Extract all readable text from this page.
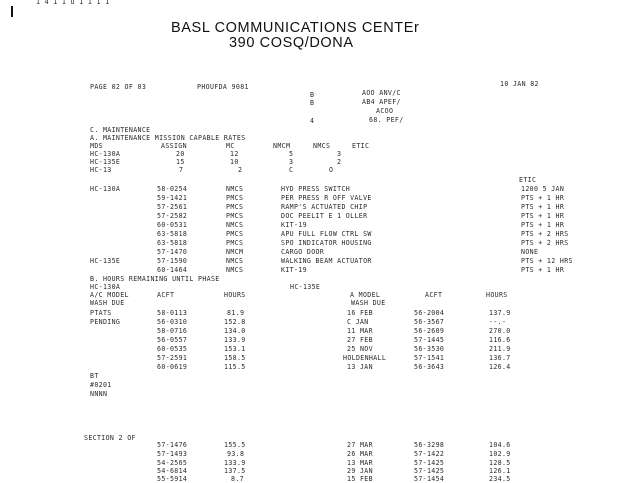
1 4 1 1 U 1 1 1 1
BASL COMMUNICATIONS CENTEr
390 COSQ/DONA
PAGE 02 OF 03	PHOUFDA 9081	10 JAN 82
B	AOO ANV/C
B	AB4 APEF/
ACOO
4	68. PEF/
C. MAINTENANCE
A. MAINTENANCE MISSION CAPABLE RATES
MDS	ASSIGN	MC	NMCM	NMCS	ETIC
HC-130A	20	12	5	3
HC-135E	15	10	3	2
HC-13	7	2	C	O
ETIC
HC-130A	58-0254	NMCS	HYD PRESS SWITCH	1200 5 JAN
59-1421	PMCS	PER PRESS R OFF VALVE	PTS + 1 HR
57-2561	PMCS	RAMP'S ACTUATED CHIP	PTS + 1 HR
57-2582	PMCS	DOC PEELIT E 1 OLLER	PTS + 1 HR
60-0531	NMCS	KIT-19	PTS + 1 HR
63-5818	PMCS	APU FULL FLOW CTRL SW	PTS + 2 HRS
63-5818	PMCS	SPO INDICATOR HOUSING	PTS + 2 HRS
57-1470	NMCM	CARGO DOOR	NONE
HC-135E	57-1590	NMCS	WALKING BEAM ACTUATOR	PTS + 12 HRS
60-1464	NMCS	KIT-19	PTS + 1 HR
B. HOURS REMAINING UNTIL PHASE
HC-130A	HC-135E
A/C MODEL	ACFT	HOURS
WASH DUE
A MODEL	ACFT	HOURS
WASH DUE
PTATS
PENDING
58-0113	81.9
56-0310	152.8
58-0716	134.0
56-0557	133.9
60-0535	153.1
57-2591	158.5
60-0619	115.5
16 FEB	56-2004	137.9
C JAN	56-3567	--.-
11 MAR	56-2609	270.0
27 FEB	57-1445	116.6
25 NOV	56-3530	211.9
HOLDENHALL	57-1541	136.7
13 JAN	56-3643	126.4
BT
#0201
NNNN
SECTION 2 OF
57-1476	155.5
57-1493	93.8
54-2565	133.9
54-6814	137.5
55-5914	8.7
27 MAR	56-3298	104.6
26 MAR	57-1422	102.9
13 MAR	57-1425	128.5
29 JAN	57-1425	126.1
15 FEB	57-1454	234.5
